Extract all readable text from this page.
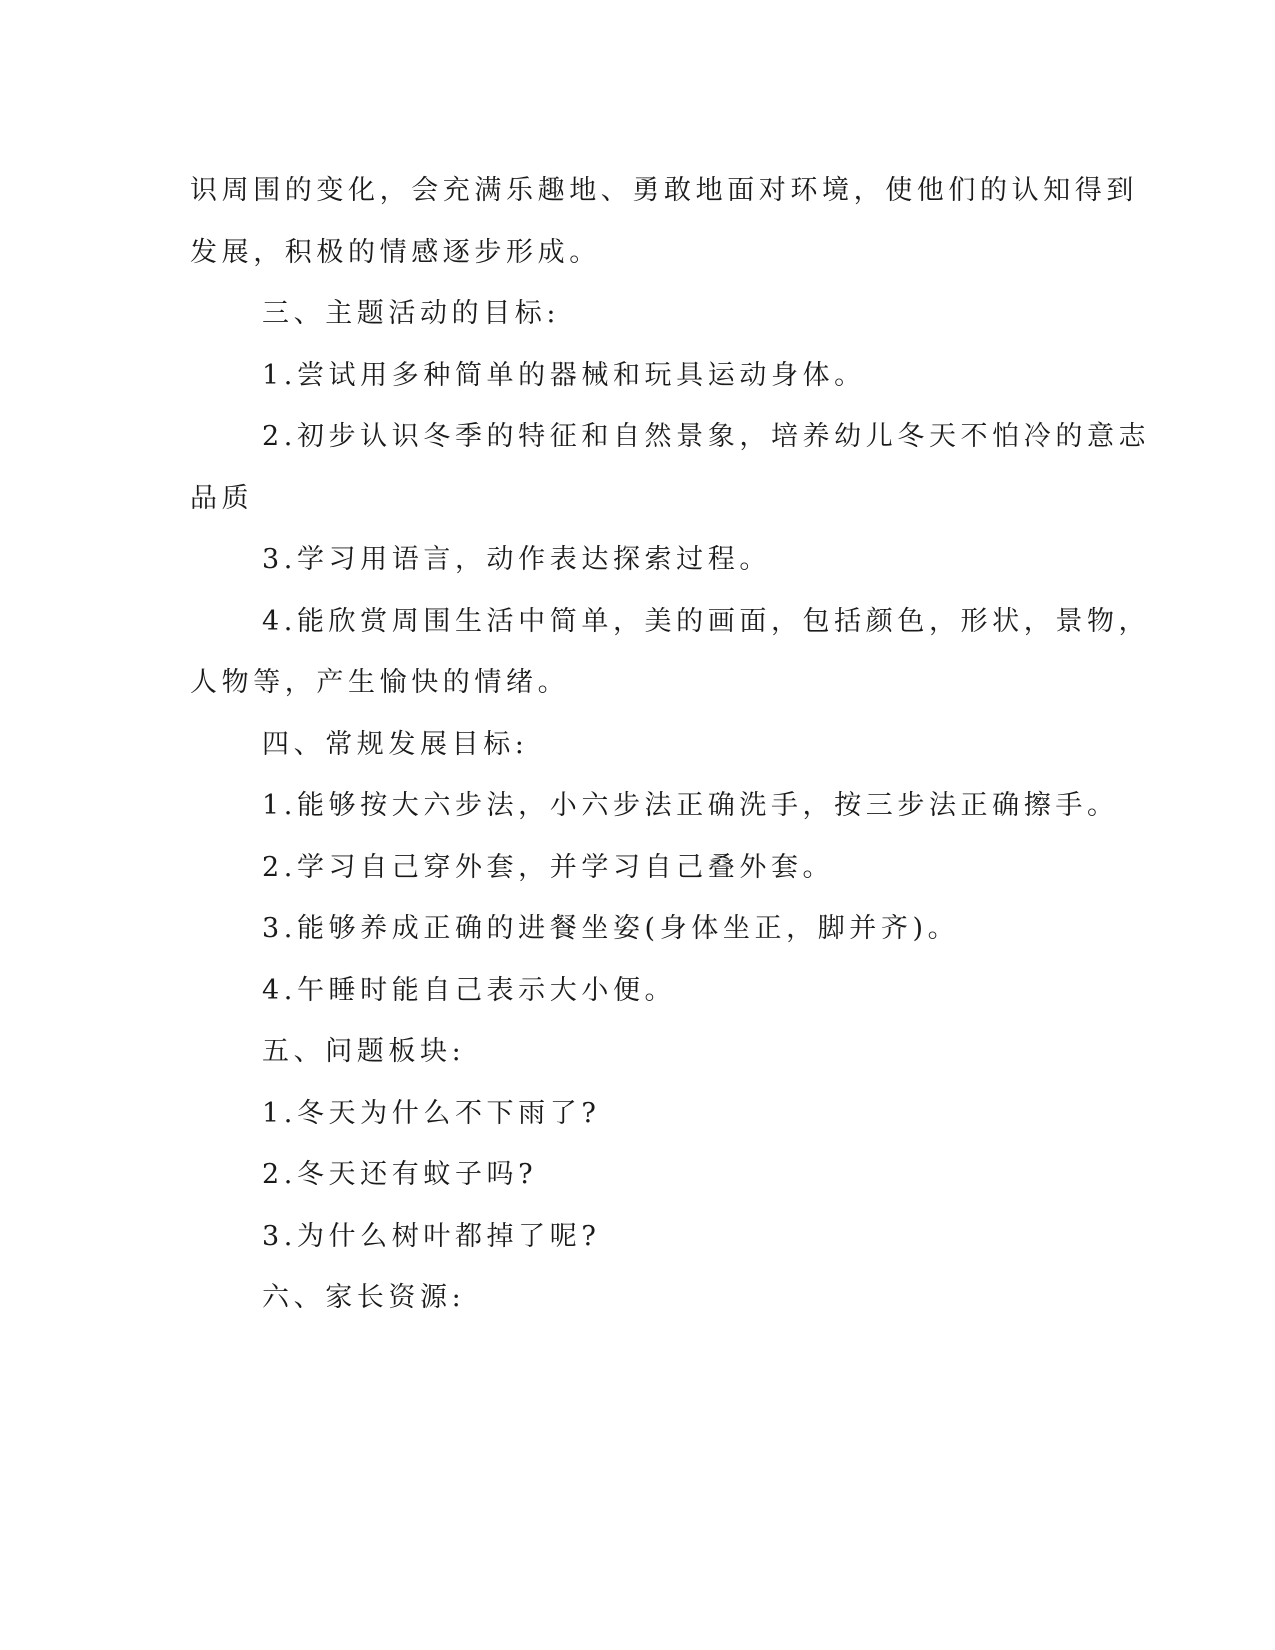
识周围的变化，会充满乐趣地、勇敢地面对环境，使他们的认知得到
发展，积极的情感逐步形成。
三、主题活动的目标:
1.尝试用多种简单的器械和玩具运动身体。
2.初步认识冬季的特征和自然景象，培养幼儿冬天不怕冷的意志
品质
3.学习用语言，动作表达探索过程。
4.能欣赏周围生活中简单，美的画面，包括颜色，形状，景物，
人物等，产生愉快的情绪。
四、常规发展目标:
1.能够按大六步法，小六步法正确洗手，按三步法正确擦手。
2.学习自己穿外套，并学习自己叠外套。
3.能够养成正确的进餐坐姿(身体坐正，脚并齐)。
4.午睡时能自己表示大小便。
五、问题板块:
1.冬天为什么不下雨了?
2.冬天还有蚊子吗?
3.为什么树叶都掉了呢?
六、家长资源:
